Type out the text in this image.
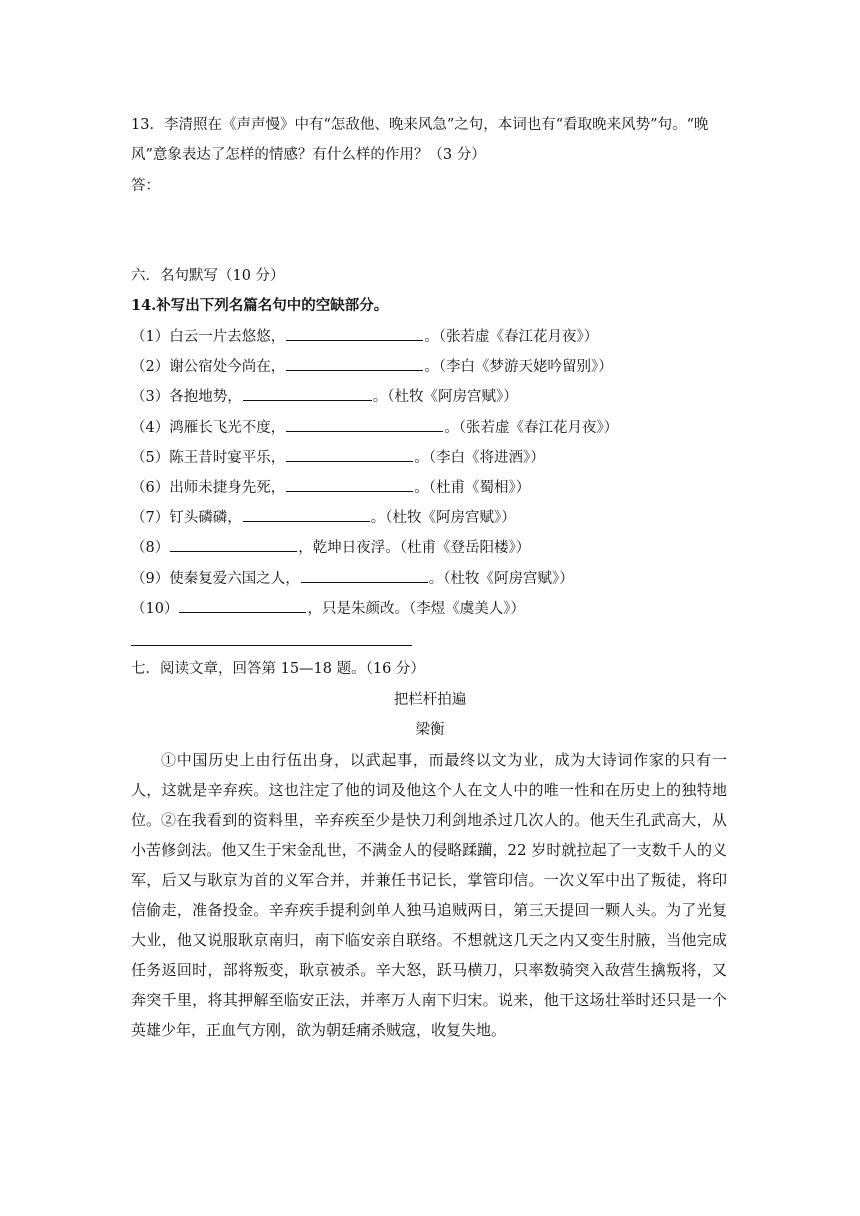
13．李清照在《声声慢》中有“怎敌他、晚来风急”之句，本词也有“看取晚来风势”句。“晚
风”意象表达了怎样的情感？有什么样的作用？（3 分）
答：
六．名句默写（10 分）
14.补写出下列名篇名句中的空缺部分。
（1）白云一片去悠悠，	。（张若虚《春江花月夜》）
（2）谢公宿处今尚在，	。（李白《梦游天姥吟留别》）
（3）各抱地势，	。（杜牧《阿房宫赋》）
（4）鸿雁长飞光不度，	。（张若虚《春江花月夜》）
（5）陈王昔时宴平乐，	。（李白《将进酒》）
（6）出师未捷身先死，	。（杜甫《蜀相》）
（7）钉头磷磷，	。（杜牧《阿房宫赋》）
（8）	，乾坤日夜浮。（杜甫《登岳阳楼》）
（9）使秦复爱六国之人，	。（杜牧《阿房宫赋》）
（10）	，只是朱颜改。（李煜《虞美人》）
七．阅读文章，回答第 15—18 题。（16 分）
把栏杆拍遍
梁衡
①中国历史上由行伍出身，以武起事，而最终以文为业，成为大诗词作家的只有一人，这就是辛弃疾。这也注定了他的词及他这个人在文人中的唯一性和在历史上的独特地位。 ②在我看到的资料里，辛弃疾至少是快刀利剑地杀过几次人的。他天生孔武高大，从小苦修剑法。他又生于宋金乱世，不满金人的侵略蹂躏，22 岁时就拉起了一支数千人的义军，后又与耿京为首的义军合并，并兼任书记长，掌管印信。一次义军中出了叛徒，将印信偷走，准备投金。辛弃疾手提利剑单人独马追贼两日，第三天提回一颗人头。为了光复大业，他又说服耿京南归，南下临安亲自联络。不想就这几天之内又变生肘腋，当他完成任务返回时，部将叛变，耿京被杀。辛大怒，跃马横刀，只率数骑突入敌营生擒叛将，又奔突千里，将其押解至临安正法，并率万人南下归宋。说来，他干这场壮举时还只是一个英雄少年，正血气方刚，欲为朝廷痛杀贼寇，收复失地。
